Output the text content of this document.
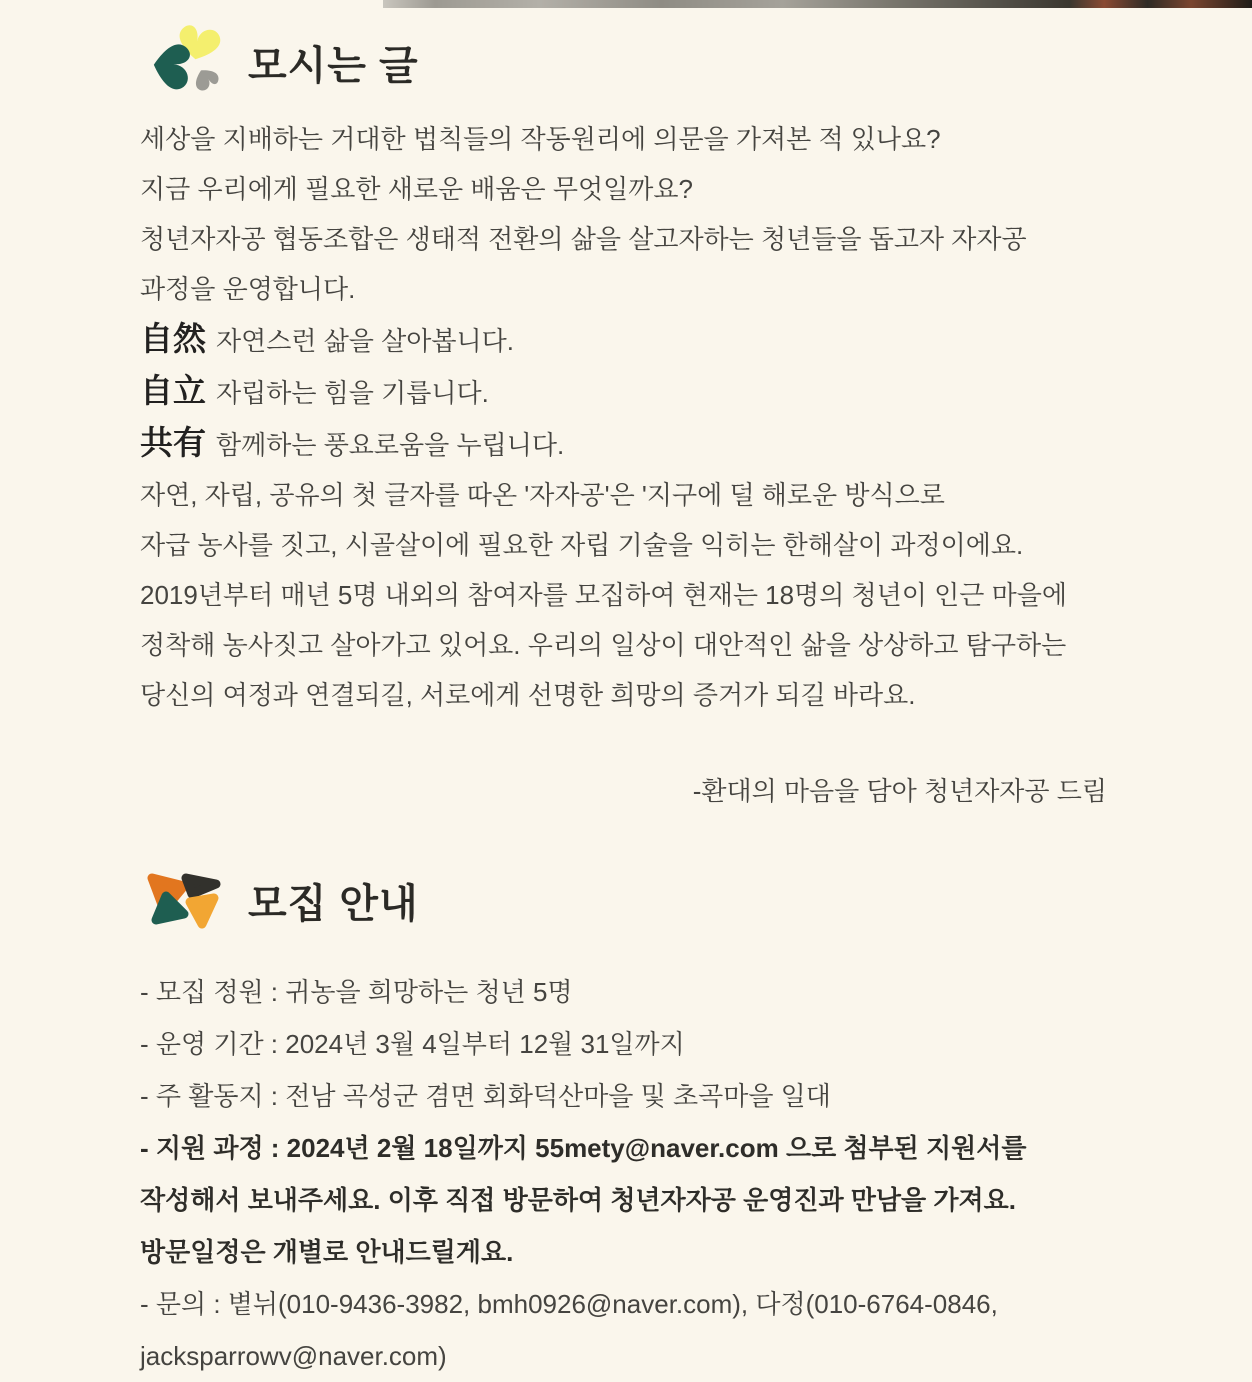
모시는 글
세상을 지배하는 거대한 법칙들의 작동원리에 의문을 가져본 적 있나요?
지금 우리에게 필요한 새로운 배움은 무엇일까요?
청년자자공 협동조합은 생태적 전환의 삶을 살고자하는 청년들을 돕고자 자자공
과정을 운영합니다.
自然 자연스런 삶을 살아봅니다.
自立 자립하는 힘을 기릅니다.
共有 함께하는 풍요로움을 누립니다.
자연, 자립, 공유의 첫 글자를 따온 '자자공'은 '지구에 덜 해로운 방식으로
자급 농사를 짓고, 시골살이에 필요한 자립 기술을 익히는 한해살이 과정이에요.
2019년부터 매년 5명 내외의 참여자를 모집하여 현재는 18명의 청년이 인근 마을에
정착해 농사짓고 살아가고 있어요. 우리의 일상이 대안적인 삶을 상상하고 탐구하는
당신의 여정과 연결되길, 서로에게 선명한 희망의 증거가 되길 바라요.
-환대의 마음을 담아 청년자자공 드림
모집 안내
- 모집 정원 : 귀농을 희망하는 청년 5명
- 운영 기간 : 2024년 3월 4일부터 12월 31일까지
- 주 활동지 : 전남 곡성군 겸면 회화덕산마을 및 초곡마을 일대
- 지원 과정 : 2024년 2월 18일까지 55mety@naver.com 으로 첨부된 지원서를
작성해서 보내주세요. 이후 직접 방문하여 청년자자공 운영진과 만남을 가져요.
방문일정은 개별로 안내드릴게요.
- 문의 : 볕뉘(010-9436-3982, bmh0926@naver.com), 다정(010-6764-0846,
jacksparrowv@naver.com)
